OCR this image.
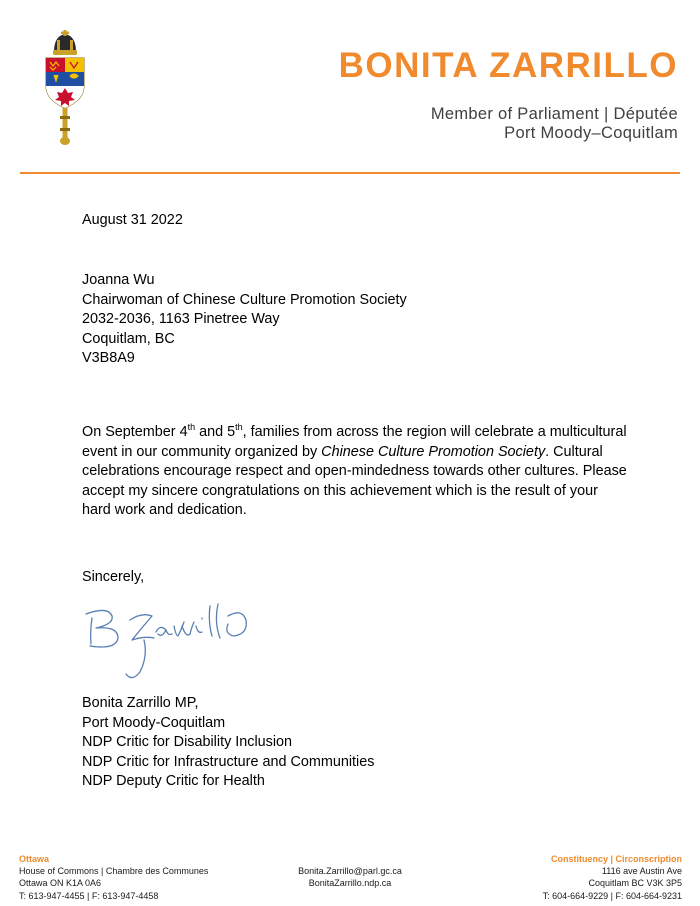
BONITA ZARRILLO
Member of Parliament | Députée
Port Moody–Coquitlam
August 31 2022
Joanna Wu
Chairwoman of Chinese Culture Promotion Society
2032-2036, 1163 Pinetree Way
Coquitlam, BC
V3B8A9
On September 4th and 5th, families from across the region will celebrate a multicultural event in our community organized by Chinese Culture Promotion Society. Cultural celebrations encourage respect and open-mindedness towards other cultures. Please accept my sincere congratulations on this achievement which is the result of your hard work and dedication.
Sincerely,
Bonita Zarrillo MP,
Port Moody-Coquitlam
NDP Critic for Disability Inclusion
NDP Critic for Infrastructure and Communities
NDP Deputy Critic for Health
Ottawa
House of Commons | Chambre des Communes
Ottawa ON K1A 0A6
T: 613-947-4455 | F: 613-947-4458
Bonita.Zarrillo@parl.gc.ca
BonitaZarrillo.ndp.ca
Constituency | Circonscription
1116 ave Austin Ave
Coquitlam BC V3K 3P5
T: 604-664-9229 | F: 604-664-9231
